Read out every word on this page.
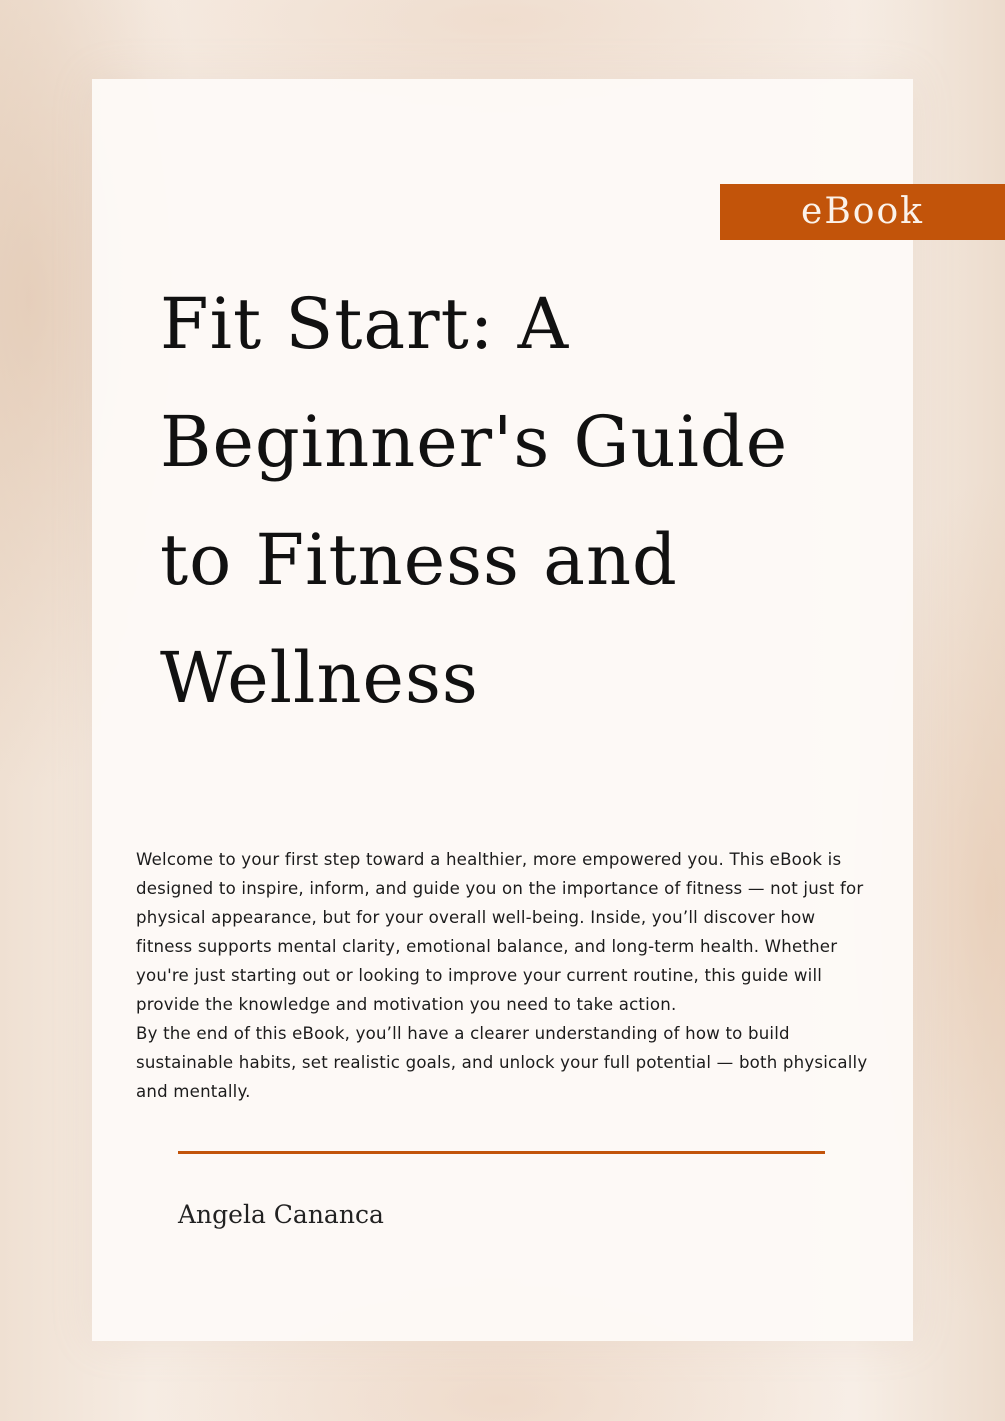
eBook
Fit Start: A
Beginner's Guide
to Fitness and
Wellness

Welcome to your first step toward a healthier, more empowered you. This eBook is designed to inspire, inform, and guide you on the importance of fitness — not just for physical appearance, but for your overall well-being. Inside, you’ll discover how fitness supports mental clarity, emotional balance, and long-term health. Whether you're just starting out or looking to improve your current routine, this guide will provide the knowledge and motivation you need to take action.

By the end of this eBook, you’ll have a clearer understanding of how to build sustainable habits, set realistic goals, and unlock your full potential — both physically and mentally.

Angela Cananca
